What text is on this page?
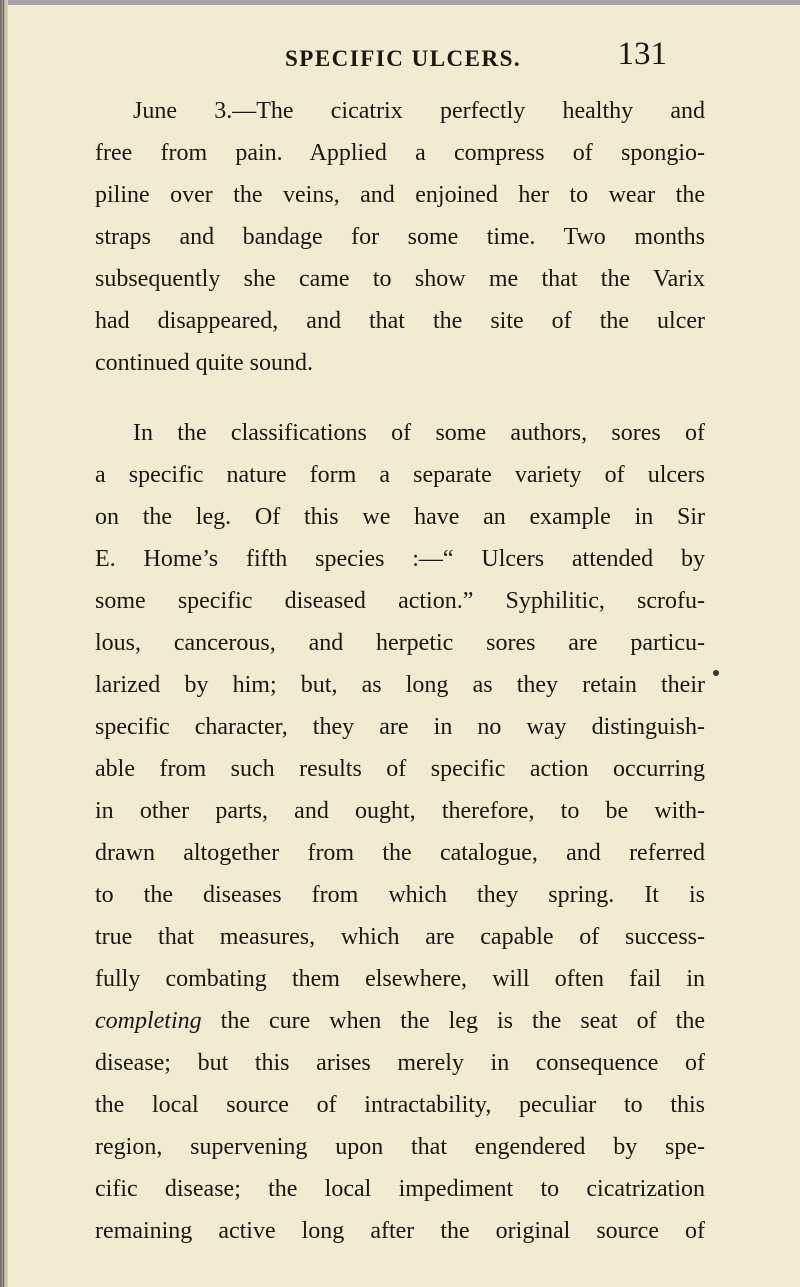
SPECIFIC ULCERS.	131
June 3.—The cicatrix perfectly healthy and
free from pain. Applied a compress of spongio-
piline over the veins, and enjoined her to wear the
straps and bandage for some time. Two months
subsequently she came to show me that the Varix
had disappeared, and that the site of the ulcer
continued quite sound.
In the classifications of some authors, sores of
a specific nature form a separate variety of ulcers
on the leg. Of this we have an example in Sir
E. Home’s fifth species :—“ Ulcers attended by
some specific diseased action.” Syphilitic, scrofu-
lous, cancerous, and herpetic sores are particu-
larized by him; but, as long as they retain their
specific character, they are in no way distinguish-
able from such results of specific action occurring
in other parts, and ought, therefore, to be with-
drawn altogether from the catalogue, and referred
to the diseases from which they spring. It is
true that measures, which are capable of success-
fully combating them elsewhere, will often fail in
completing the cure when the leg is the seat of the
disease; but this arises merely in consequence of
the local source of intractability, peculiar to this
region, supervening upon that engendered by spe-
cific disease; the local impediment to cicatrization
remaining active long after the original source of
